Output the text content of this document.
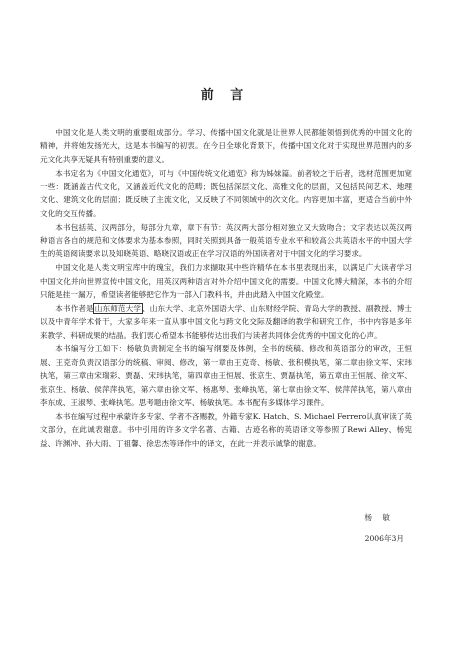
前 言

中国文化是人类文明的重要组成部分。学习、传播中国文化就是让世界人民都能领悟到优秀的中国文化的精神，并将她发扬光大，这是本书编写的初衷。在今日全球化背景下，传播中国文化对于实现世界范围内的多元文化共享无疑具有特别重要的意义。

本书定名为《中国文化通览》，可与《中国传统文化通览》称为姊妹篇。前者较之于后者，选材范围更加宽一些：既涵盖古代文化，又涵盖近代文化的范畴；既包括深层文化、高雅文化的层面，又包括民间艺术、地理文化、建筑文化的层面；既反映了主流文化，又反映了不同领域中的次文化。内容更加丰富，更适合当前中外文化的交互传播。

本书包括英、汉两部分，每部分九章，章下有节：英汉两大部分相对独立又大致吻合；文字表达以英汉两种语言各自的规范和文体要求为基本参照，同时关照到具备一般英语专业水平和较高公共英语水平的中国大学生的英语阅读要求以及知晓英语、略晓汉语或正在学习汉语的外国读者对于中国文化的学习要求。

中国文化是人类文明宝库中的瑰宝，我们力求撷取其中些许精华在本书里表现出来，以满足广大读者学习中国文化并向世界宣传中国文化，用英汉两种语言对外介绍中国文化的需要。中国文化博大精深，本书的介绍只能是挂一漏万，希望读者能够把它作为一部入门教科书，并由此踏入中国文化殿堂。

本书作者是山东师范大学、山东大学、北京外国语大学、山东财经学院、青岛大学的教授、副教授、博士以及中青年学术骨干，大家多年来一直从事中国文化与跨文化交际及翻译的教学和研究工作，书中内容是多年来教学、科研成果的结晶。我们衷心希望本书能够传达出我们与读者共同体会优秀的中国文化的心声。

本书编写分工如下：杨敏负责制定全书的编写纲要及体例，全书的统稿、修改和英语部分的审改，王恒展、王克奇负责汉语部分的统稿、审阅、修改，第一章由王克奇、杨敏、张积模执笔，第二章由徐文军、宋玮执笔，第三章由宋瑞彩、贾磊、宋玮执笔，第四章由王恒展、张京生、贾磊执笔，第五章由王恒展、徐文军、张京生、杨敏、侯萍萍执笔，第六章由徐文军、杨惠琴、张峰执笔，第七章由徐文军、侯萍萍执笔，第八章由李东成、王淑琴、张峰执笔。思考题由徐文军、杨敏执笔。本书配有多媒体学习课件。

本书在编写过程中承蒙许多专家、学者不吝赐教，外籍专家K. Hatch、S. Michael Ferrero认真审读了英文部分，在此诚表谢意。书中引用的许多文学名著、古籍、古迹名称的英语译文等参照了Rewi Alley、杨宪益、许渊冲、孙大雨、丁祖馨、徐忠杰等译作中的译文，在此一并表示诚挚的谢意。

杨 敏
2006年3月
